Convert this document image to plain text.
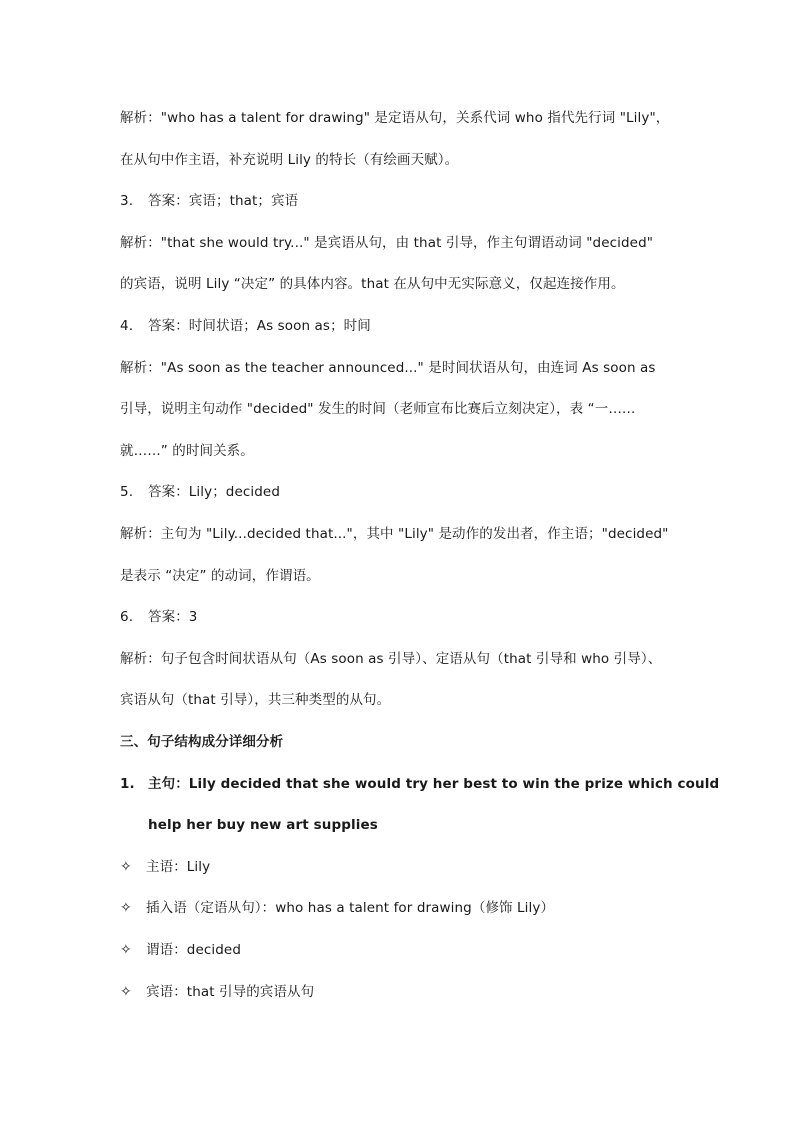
解析："who has a talent for drawing" 是定语从句，关系代词 who 指代先行词 "Lily"，
在从句中作主语，补充说明 Lily 的特长（有绘画天赋）。
3. 答案：宾语；that；宾语
解析："that she would try..." 是宾语从句，由 that 引导，作主句谓语动词 "decided"
的宾语，说明 Lily “决定” 的具体内容。that 在从句中无实际意义，仅起连接作用。
4. 答案：时间状语；As soon as；时间
解析："As soon as the teacher announced..." 是时间状语从句，由连词 As soon as
引导，说明主句动作 "decided" 发生的时间（老师宣布比赛后立刻决定），表 “一……
就……” 的时间关系。
5. 答案：Lily；decided
解析：主句为 "Lily...decided that..."，其中 "Lily" 是动作的发出者，作主语；"decided"
是表示 “决定” 的动词，作谓语。
6. 答案：3
解析：句子包含时间状语从句（As soon as 引导）、定语从句（that 引导和 who 引导）、
宾语从句（that 引导），共三种类型的从句。
三、句子结构成分详细分析
1. 主句：Lily decided that she would try her best to win the prize which could
help her buy new art supplies
✧ 主语：Lily
✧ 插入语（定语从句）：who has a talent for drawing（修饰 Lily）
✧ 谓语：decided
✧ 宾语：that 引导的宾语从句
